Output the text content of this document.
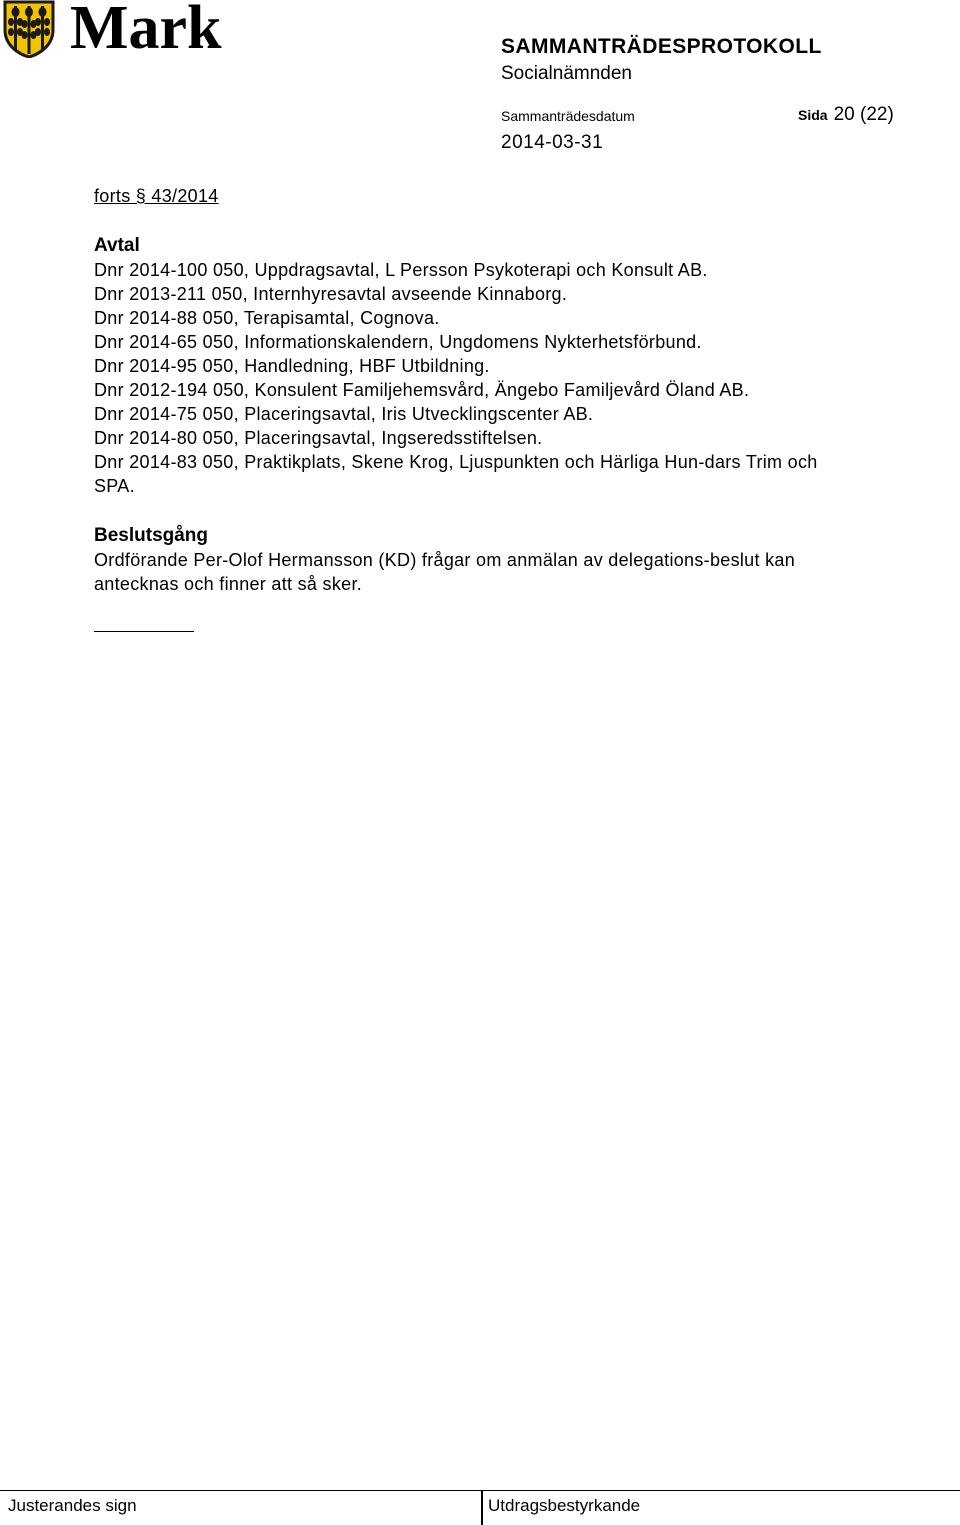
Mark	SAMMANTRÄDESPROTOKOLL
Socialnämnden
Sammanträdesdatum	Sida 20 (22)
2014-03-31
forts § 43/2014
Avtal
Dnr 2014-100 050, Uppdragsavtal, L Persson Psykoterapi och Konsult AB.
Dnr 2013-211 050, Internhyresavtal avseende Kinnaborg.
Dnr 2014-88 050, Terapisamtal, Cognova.
Dnr 2014-65 050, Informationskalendern, Ungdomens Nykterhetsförbund.
Dnr 2014-95 050, Handledning, HBF Utbildning.
Dnr 2012-194 050, Konsulent Familjehemsvård, Ängebo Familjevård Öland AB.
Dnr 2014-75 050, Placeringsavtal, Iris Utvecklingscenter AB.
Dnr 2014-80 050, Placeringsavtal, Ingseredsstiftelsen.
Dnr 2014-83 050, Praktikplats, Skene Krog, Ljuspunkten och Härliga Hun-dars Trim och SPA.
Beslutsgång
Ordförande Per-Olof Hermansson (KD) frågar om anmälan av delegations-beslut kan antecknas och finner att så sker.
Justerandes sign	Utdragsbestyrkande
